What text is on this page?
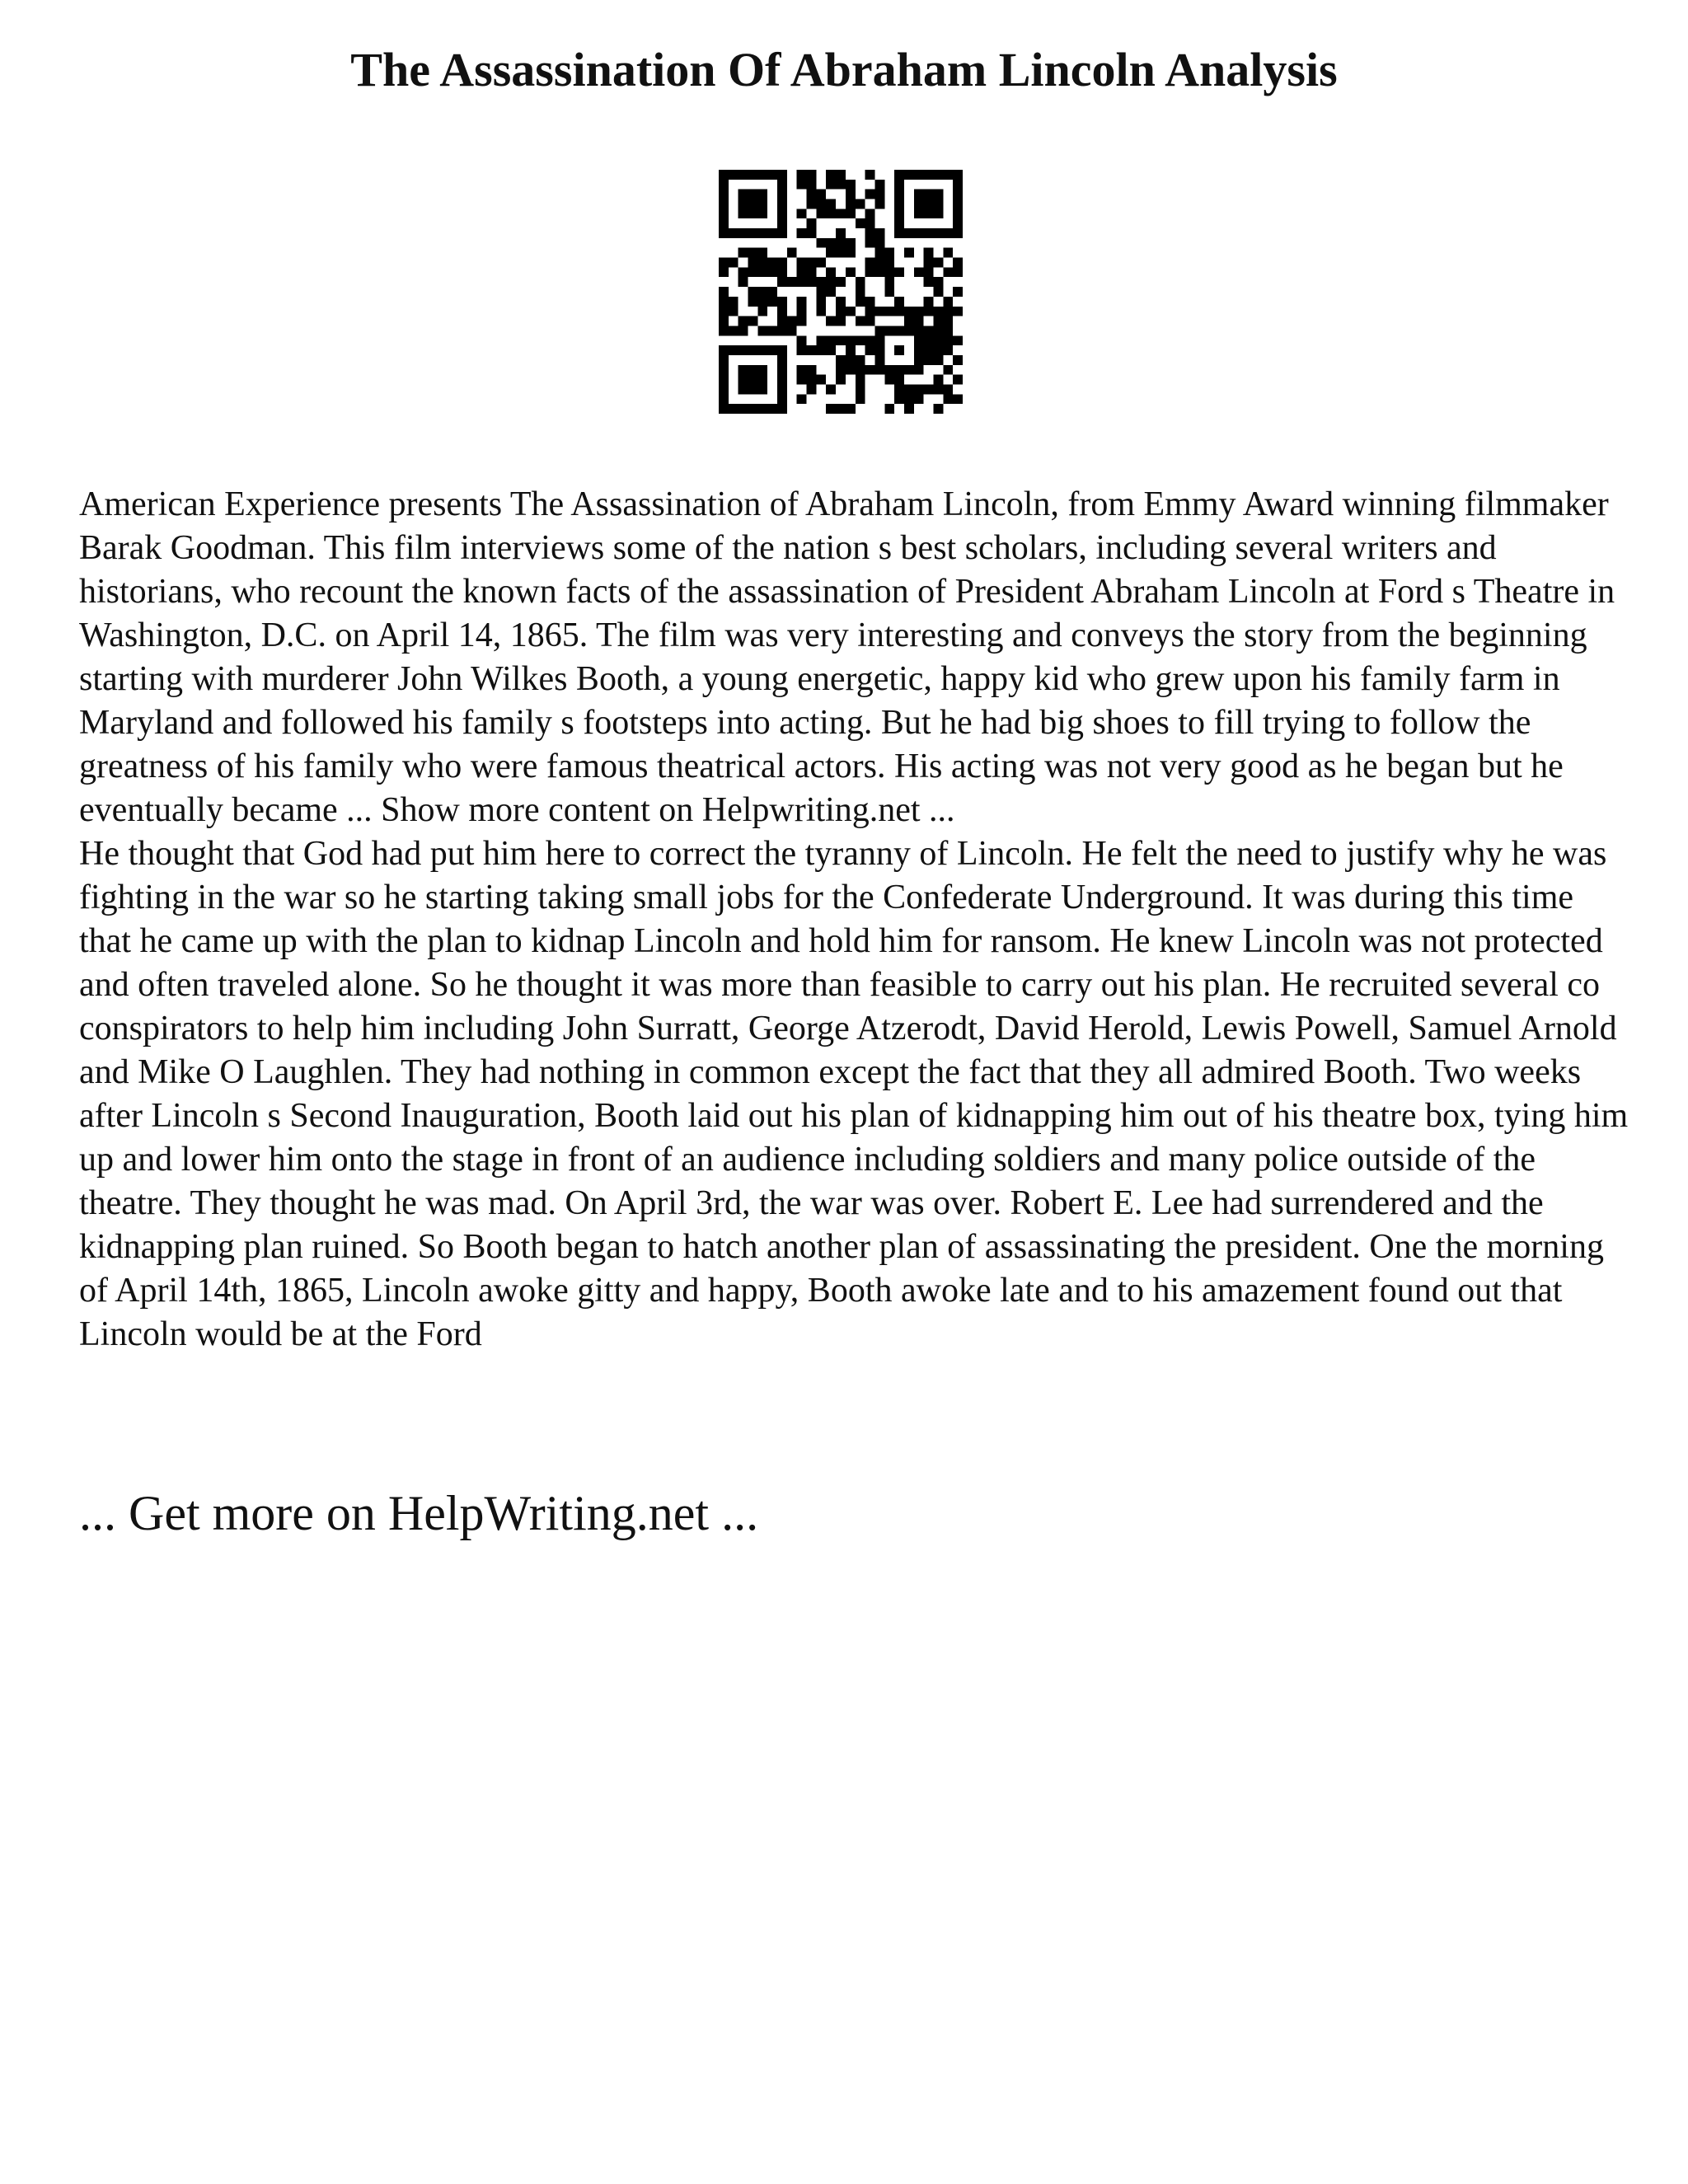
The Assassination Of Abraham Lincoln Analysis

American Experience presents The Assassination of Abraham Lincoln, from Emmy Award winning filmmaker Barak Goodman. This film interviews some of the nation s best scholars, including several writers and historians, who recount the known facts of the assassination of President Abraham Lincoln at Ford s Theatre in Washington, D.C. on April 14, 1865. The film was very interesting and conveys the story from the beginning starting with murderer John Wilkes Booth, a young energetic, happy kid who grew upon his family farm in Maryland and followed his family s footsteps into acting. But he had big shoes to fill trying to follow the greatness of his family who were famous theatrical actors. His acting was not very good as he began but he eventually became ... Show more content on Helpwriting.net ...

He thought that God had put him here to correct the tyranny of Lincoln. He felt the need to justify why he was fighting in the war so he starting taking small jobs for the Confederate Underground. It was during this time that he came up with the plan to kidnap Lincoln and hold him for ransom. He knew Lincoln was not protected and often traveled alone. So he thought it was more than feasible to carry out his plan. He recruited several co conspirators to help him including John Surratt, George Atzerodt, David Herold, Lewis Powell, Samuel Arnold and Mike O Laughlen. They had nothing in common except the fact that they all admired Booth. Two weeks after Lincoln s Second Inauguration, Booth laid out his plan of kidnapping him out of his theatre box, tying him up and lower him onto the stage in front of an audience including soldiers and many police outside of the theatre. They thought he was mad. On April 3rd, the war was over. Robert E. Lee had surrendered and the kidnapping plan ruined. So Booth began to hatch another plan of assassinating the president. One the morning of April 14th, 1865, Lincoln awoke gitty and happy, Booth awoke late and to his amazement found out that Lincoln would be at the Ford

... Get more on HelpWriting.net ...
